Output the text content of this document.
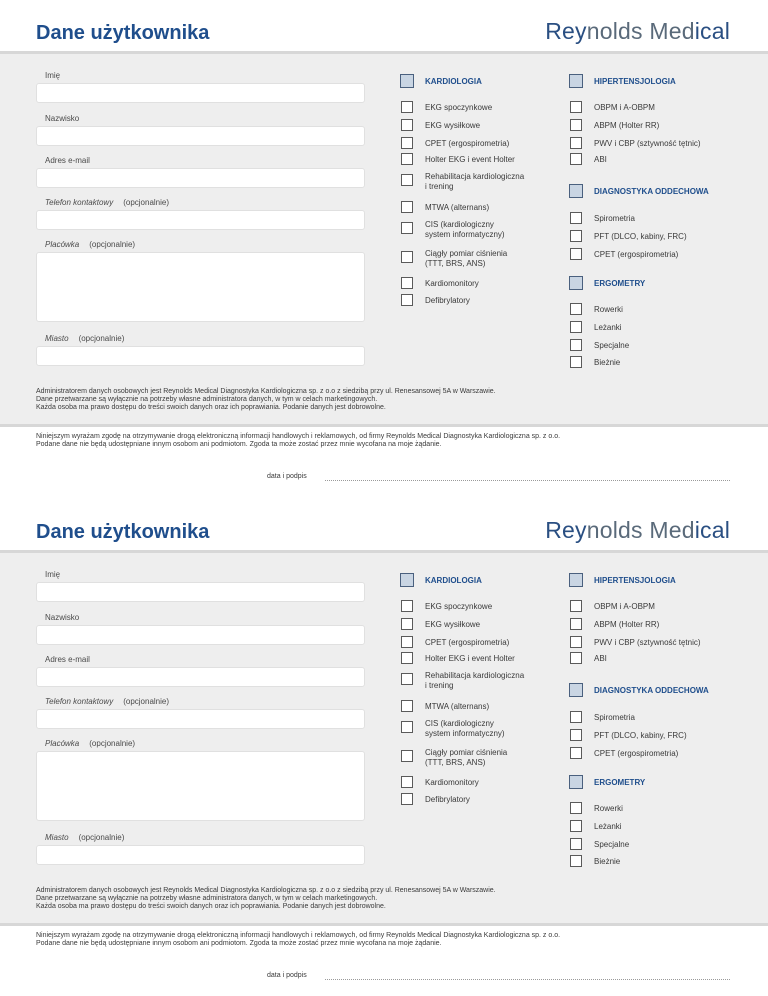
Dane użytkownika	Reynolds Medical
Imię
Nazwisko
Adres e-mail
Telefon kontaktowy (opcjonalnie)
Placówka (opcjonalnie)
Miasto (opcjonalnie)
KARDIOLOGIA
EKG spoczynkowe
EKG wysiłkowe
CPET (ergospirometria)
Holter EKG i event Holter
Rehabilitacja kardiologiczna
i trening
MTWA (alternans)
CIS (kardiologiczny
system informatyczny)
Ciągły pomiar ciśnienia
(TTT, BRS, ANS)
Kardiomonitory
Defibrylatory
HIPERTENSJOLOGIA
OBPM i A-OBPM
ABPM (Holter RR)
PWV i CBP (sztywność tętnic)
ABI
DIAGNOSTYKA ODDECHOWA
Spirometria
PFT (DLCO, kabiny, FRC)
CPET (ergospirometria)
ERGOMETRY
Rowerki
Leżanki
Specjalne
Bieżnie
Administratorem danych osobowych jest Reynolds Medical Diagnostyka Kardiologiczna sp. z o.o z siedzibą przy ul. Renesansowej 5A w Warszawie.
Dane przetwarzane są wyłącznie na potrzeby własne administratora danych, w tym w celach marketingowych.
Każda osoba ma prawo dostępu do treści swoich danych oraz ich poprawiania. Podanie danych jest dobrowolne.
Niniejszym wyrażam zgodę na otrzymywanie drogą elektroniczną informacji handlowych i reklamowych, od firmy Reynolds Medical Diagnostyka Kardiologiczna sp. z o.o.
Podane dane nie będą udostępniane innym osobom ani podmiotom. Zgoda ta może zostać przez mnie wycofana na moje żądanie.
data i podpis
Dane użytkownika	Reynolds Medical
Imię
Nazwisko
Adres e-mail
Telefon kontaktowy (opcjonalnie)
Placówka (opcjonalnie)
Miasto (opcjonalnie)
KARDIOLOGIA
EKG spoczynkowe
EKG wysiłkowe
CPET (ergospirometria)
Holter EKG i event Holter
Rehabilitacja kardiologiczna
i trening
MTWA (alternans)
CIS (kardiologiczny
system informatyczny)
Ciągły pomiar ciśnienia
(TTT, BRS, ANS)
Kardiomonitory
Defibrylatory
HIPERTENSJOLOGIA
OBPM i A-OBPM
ABPM (Holter RR)
PWV i CBP (sztywność tętnic)
ABI
DIAGNOSTYKA ODDECHOWA
Spirometria
PFT (DLCO, kabiny, FRC)
CPET (ergospirometria)
ERGOMETRY
Rowerki
Leżanki
Specjalne
Bieżnie
Administratorem danych osobowych jest Reynolds Medical Diagnostyka Kardiologiczna sp. z o.o z siedzibą przy ul. Renesansowej 5A w Warszawie.
Dane przetwarzane są wyłącznie na potrzeby własne administratora danych, w tym w celach marketingowych.
Każda osoba ma prawo dostępu do treści swoich danych oraz ich poprawiania. Podanie danych jest dobrowolne.
Niniejszym wyrażam zgodę na otrzymywanie drogą elektroniczną informacji handlowych i reklamowych, od firmy Reynolds Medical Diagnostyka Kardiologiczna sp. z o.o.
Podane dane nie będą udostępniane innym osobom ani podmiotom. Zgoda ta może zostać przez mnie wycofana na moje żądanie.
data i podpis
